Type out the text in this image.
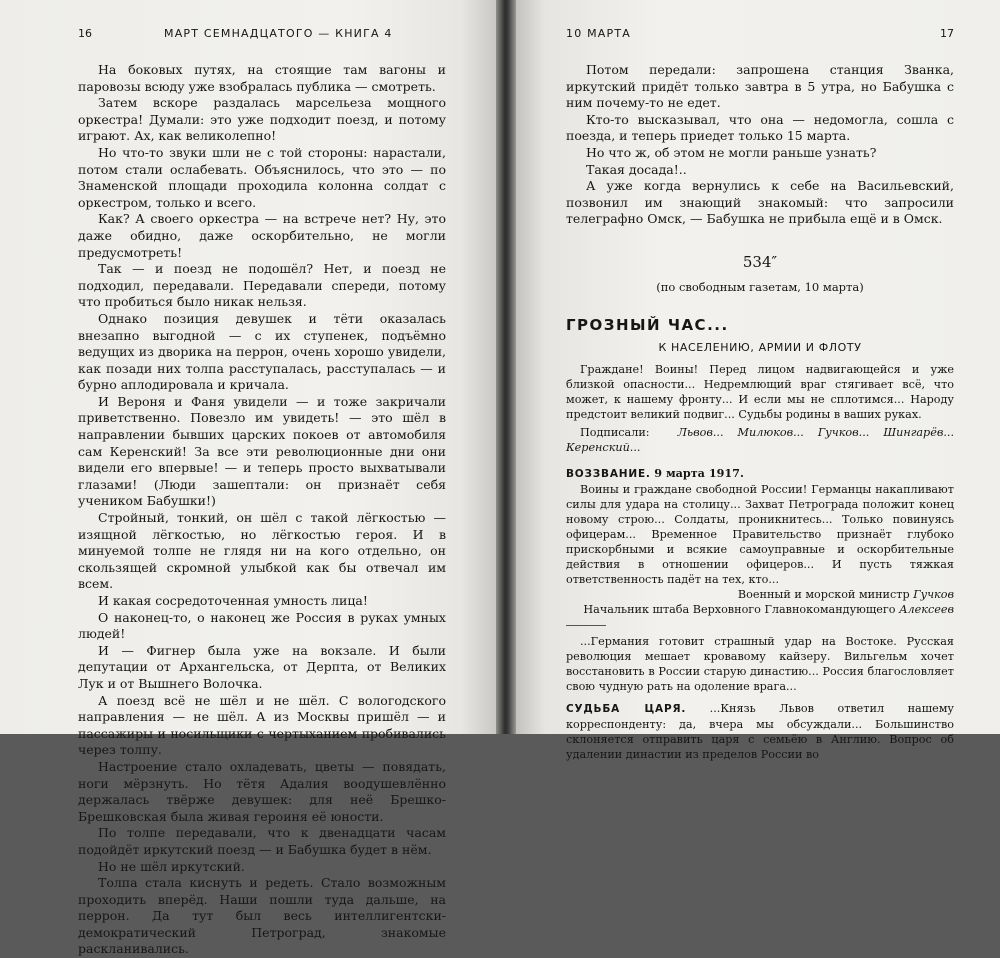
16	МАРТ СЕМНАДЦАТОГО — КНИГА 4

На боковых путях, на стоящие там вагоны и паровозы всюду уже взобралась публика — смотреть.

Затем вскоре раздалась марсельеза мощного оркестра! Думали: это уже подходит поезд, и потому играют. Ах, как великолепно!

Но что-то звуки шли не с той стороны: нарастали, потом стали ослабевать. Объяснилось, что это — по Знаменской площади проходила колонна солдат с оркестром, только и всего.

Как? А своего оркестра — на встрече нет? Ну, это даже обидно, даже оскорбительно, не могли предусмотреть!

Так — и поезд не подошёл? Нет, и поезд не подходил, передавали. Передавали спереди, потому что пробиться было никак нельзя.

Однако позиция девушек и тёти оказалась внезапно выгодной — с их ступенек, подъёмно ведущих из дворика на перрон, очень хорошо увидели, как позади них толпа расступалась, расступалась — и бурно аплодировала и кричала.

И Вероня и Фаня увидели — и тоже закричали приветственно. Повезло им увидеть! — это шёл в направлении бывших царских покоев от автомобиля сам Керенский! За все эти революционные дни они видели его впервые! — и теперь просто выхватывали глазами! (Люди зашептали: он признаёт себя учеником Бабушки!)

Стройный, тонкий, он шёл с такой лёгкостью — изящной лёгкостью, но лёгкостью героя. И в минуемой толпе не глядя ни на кого отдельно, он скользящей скромной улыбкой как бы отвечал им всем.

И какая сосредоточенная умность лица!

О наконец-то, о наконец же Россия в руках умных людей!

И — Фигнер была уже на вокзале. И были депутации от Архангельска, от Дерпта, от Великих Лук и от Вышнего Волочка.

А поезд всё не шёл и не шёл. С вологодского направления — не шёл. А из Москвы пришёл — и пассажиры и носильщики с чертыханием пробивались через толпу.

Настроение стало охладевать, цветы — повядать, ноги мёрзнуть. Но тётя Адалия воодушевлённо держалась твёрже девушек: для неё Брешко-Брешковская была живая героиня её юности.

По толпе передавали, что к двенадцати часам подойдёт иркутский поезд — и Бабушка будет в нём.

Но не шёл иркутский.

Толпа стала киснуть и редеть. Стало возможным проходить вперёд. Наши пошли туда дальше, на перрон. Да тут был весь интеллигентски-демократический Петроград, знакомые раскланивались.

10 МАРТА	17

Потом передали: запрошена станция Званка, иркутский придёт только завтра в 5 утра, но Бабушка с ним почему-то не едет.

Кто-то высказывал, что она — недомогла, сошла с поезда, и теперь приедет только 15 марта.

Но что ж, об этом не могли раньше узнать?

Такая досада!..

А уже когда вернулись к себе на Васильевский, позвонил им знающий знакомый: что запросили телеграфно Омск, — Бабушка не прибыла ещё и в Омск.

534″
(по свободным газетам, 10 марта)
ГРОЗНЫЙ ЧАС...
К НАСЕЛЕНИЮ, АРМИИ И ФЛОТУ

Граждане! Воины! Перед лицом надвигающейся и уже близкой опасности... Недремлющий враг стягивает всё, что может, к нашему фронту... И если мы не сплотимся... Народу предстоит великий подвиг... Судьбы родины в ваших руках.

Подписали:	Львов... Милюков... Гучков... Шингарёв... Керенский...

ВОЗЗВАНИЕ. 9 марта 1917.

Воины и граждане свободной России! Германцы накапливают силы для удара на столицу... Захват Петрограда положит конец новому строю... Солдаты, проникнитесь... Только повинуясь офицерам... Временное Правительство признаёт глубоко прискорбными и всякие самоуправные и оскорбительные действия в отношении офицеров... И пусть тяжкая ответственность падёт на тех, кто...

Военный и морской министр Гучков
Начальник штаба Верховного Главнокомандующего Алексеев

...Германия готовит страшный удар на Востоке. Русская революция мешает кровавому кайзеру. Вильгельм хочет восстановить в России старую династию... Россия благословляет свою чудную рать на одоление врага...

СУДЬБА ЦАРЯ. ...Князь Львов ответил нашему корреспонденту: да, вчера мы обсуждали... Большинство склоняется отправить царя с семьёю в Англию. Вопрос об удалении династии из пределов России во
